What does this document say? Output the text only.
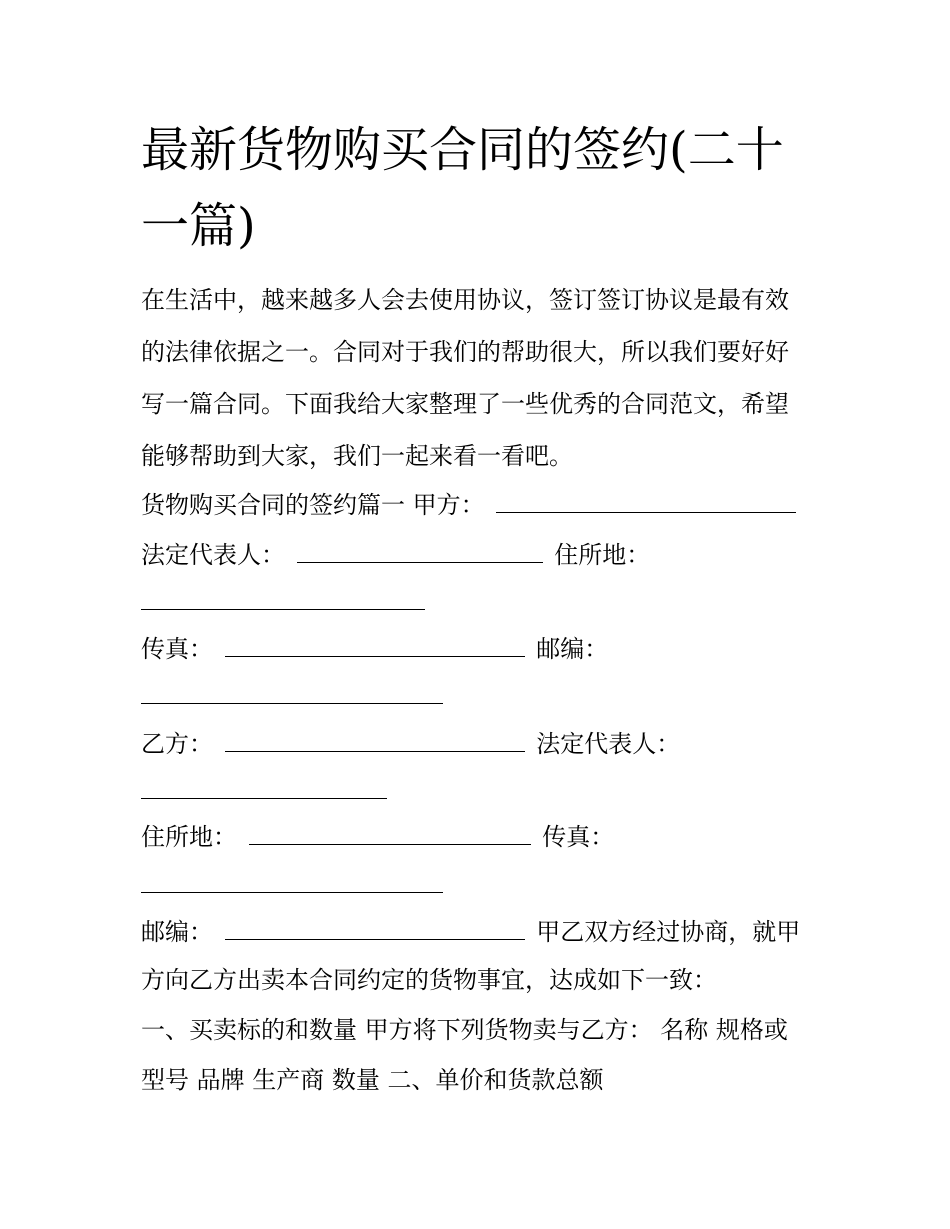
最新货物购买合同的签约(二十
一篇)
在生活中，越来越多人会去使用协议，签订签订协议是最有效
的法律依据之一。合同对于我们的帮助很大，所以我们要好好
写一篇合同。下面我给大家整理了一些优秀的合同范文，希望
能够帮助到大家，我们一起来看一看吧。
货物购买合同的签约篇一 甲方：
法定代表人：	住所地：
传真：	邮编：
乙方：	法定代表人：
住所地：	传真：
邮编：	甲乙双方经过协商，就甲
方向乙方出卖本合同约定的货物事宜，达成如下一致：
一、买卖标的和数量 甲方将下列货物卖与乙方： 名称 规格或
型号 品牌 生产商 数量 二、单价和货款总额
